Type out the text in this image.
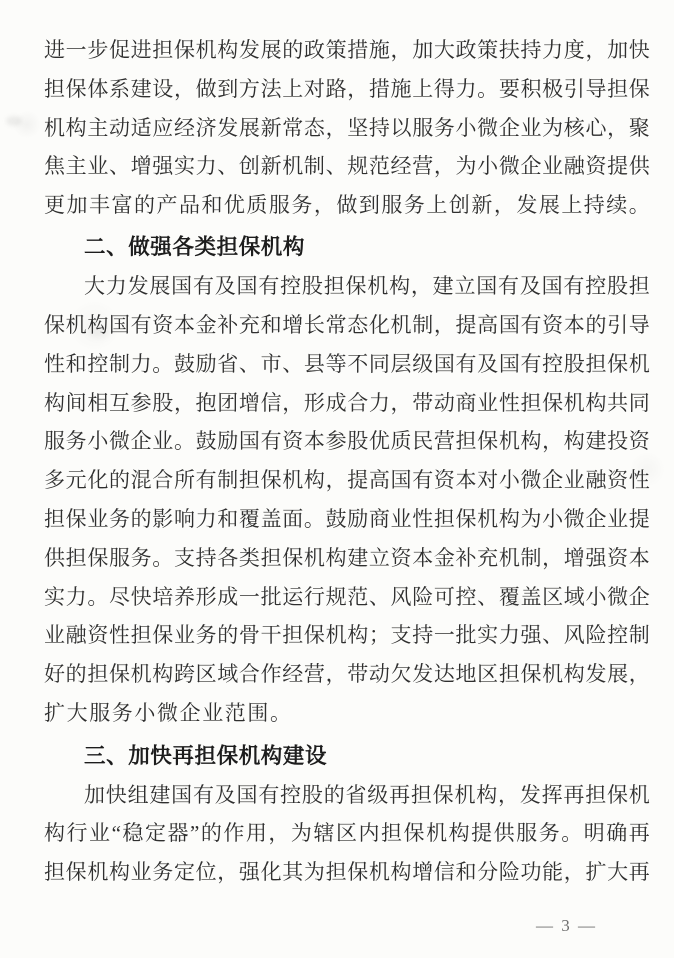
进一步促进担保机构发展的政策措施，加大政策扶持力度，加快
担保体系建设，做到方法上对路，措施上得力。要积极引导担保
机构主动适应经济发展新常态，坚持以服务小微企业为核心，聚
焦主业、增强实力、创新机制、规范经营，为小微企业融资提供
更加丰富的产品和优质服务，做到服务上创新，发展上持续。
二、做强各类担保机构
大力发展国有及国有控股担保机构，建立国有及国有控股担
保机构国有资本金补充和增长常态化机制，提高国有资本的引导
性和控制力。鼓励省、市、县等不同层级国有及国有控股担保机
构间相互参股，抱团增信，形成合力，带动商业性担保机构共同
服务小微企业。鼓励国有资本参股优质民营担保机构，构建投资
多元化的混合所有制担保机构，提高国有资本对小微企业融资性
担保业务的影响力和覆盖面。鼓励商业性担保机构为小微企业提
供担保服务。支持各类担保机构建立资本金补充机制，增强资本
实力。尽快培养形成一批运行规范、风险可控、覆盖区域小微企
业融资性担保业务的骨干担保机构；支持一批实力强、风险控制
好的担保机构跨区域合作经营，带动欠发达地区担保机构发展，
扩大服务小微企业范围。
三、加快再担保机构建设
加快组建国有及国有控股的省级再担保机构，发挥再担保机
构行业“稳定器”的作用，为辖区内担保机构提供服务。明确再
担保机构业务定位，强化其为担保机构增信和分险功能，扩大再
— 3 —
